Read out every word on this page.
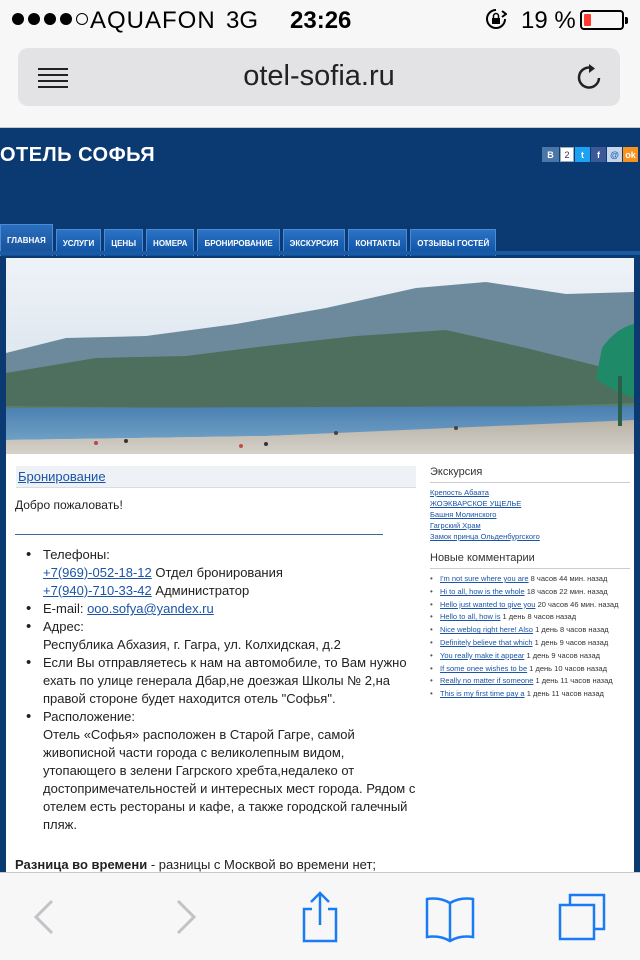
AQUAFON 3G 23:26	19 %
otel-sofia.ru
ОТЕЛЬ СОФЬЯ	В	2	t	f	@ ok
ГЛАВНАЯ	УСЛУГИ	ЦЕНЫ	НОМЕРА	БРОНИРОВАНИЕ	ЭКСКУРСИЯ	КОНТАКТЫ	ОТЗЫВЫ ГОСТЕЙ
Бронирование
Добро пожаловать!
• Телефоны:
+7(969)-052-18-12 Отдел бронирования
+7(940)-710-33-42 Администратор
• E-mail: ooo.sofya@yandex.ru
• Адрес:
Республика Абхазия, г. Гагра, ул. Колхидская, д.2
• Если Вы отправляетесь к нам на автомобиле, то Вам нужно ехать по улице генерала Дбар,не доезжая Школы № 2,на правой стороне будет находится отель "Софья".
• Расположение:
Отель «Софья» расположен в Старой Гагре, самой живописной части города с великолепным видом, утопающего в зелени Гагрского хребта,недалеко от достопримечательностей и интересных мест города. Рядом с отелем есть рестораны и кафе, а также городской галечный пляж.
Разница во времени - разницы с Москвой во времени нет;
Экскурсия
Крепость Абаата
ЖОЭКВАРСКОЕ УЩЕЛЬЕ
Башня Молинского
Гагрский Храм
Замок принца Ольденбургского
Новые комментарии
• I'm not sure where you are 8 часов 44 мин. назад
• Hi to all, how is the whole 18 часов 22 мин. назад
• Hello just wanted to give you 20 часов 46 мин. назад
• Hello to all, how is 1 день 8 часов назад
• Nice weblog right here! Also 1 день 8 часов назад
• Definitely believe that which 1 день 9 часов назад
• You really make it appear 1 день 9 часов назад
• If some onee wishes to be 1 день 10 часов назад
• Really no matter if someone 1 день 11 часов назад
• This is my first time pay a 1 день 11 часов назад
